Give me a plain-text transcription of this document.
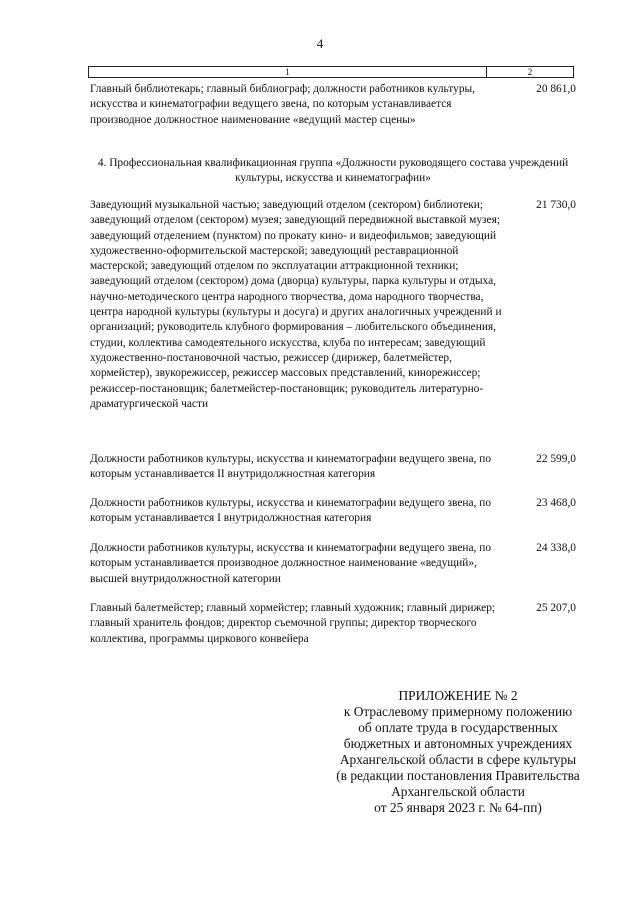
4
1	2
Главный библиотекарь; главный библиограф; должности работников культуры, искусства и кинематографии ведущего звена, по которым устанавливается производное должностное наименование «ведущий мастер сцены»
20 861,0
4. Профессиональная квалификационная группа «Должности руководящего состава учреждений культуры, искусства и кинематографии»
Заведующий музыкальной частью; заведующий отделом (сектором) библиотеки; заведующий отделом (сектором) музея; заведующий передвижной выставкой музея; заведующий отделением (пунктом) по прокату кино- и видеофильмов; заведующий художественно-оформительской мастерской; заведующий реставрационной мастерской; заведующий отделом по эксплуатации аттракционной техники; заведующий отделом (сектором) дома (дворца) культуры, парка культуры и отдыха, научно-методического центра народного творчества, дома народного творчества, центра народной культуры (культуры и досуга) и других аналогичных учреждений и организаций; руководитель клубного формирования – любительского объединения, студии, коллектива самодеятельного искусства, клуба по интересам; заведующий художественно-постановочной частью, режиссер (дирижер, балетмейстер, хормейстер), звукорежиссер, режиссер массовых представлений, кинорежиссер; режиссер-постановщик; балетмейстер-постановщик; руководитель литературно-драматургической части
21 730,0
Должности работников культуры, искусства и кинематографии ведущего звена, по которым устанавливается II внутридолжностная категория
22 599,0
Должности работников культуры, искусства и кинематографии ведущего звена, по которым устанавливается I внутридолжностная категория
23 468,0
Должности работников культуры, искусства и кинематографии ведущего звена, по которым устанавливается производное должностное наименование «ведущий», высшей внутридолжностной категории
24 338,0
Главный балетмейстер; главный хормейстер; главный художник; главный дирижер; главный хранитель фондов; директор съемочной группы; директор творческого коллектива, программы циркового конвейера
25 207,0
ПРИЛОЖЕНИЕ № 2
к Отраслевому примерному положению
об оплате труда в государственных
бюджетных и автономных учреждениях
Архангельской области в сфере культуры
(в редакции постановления Правительства
Архангельской области
от 25 января 2023 г. № 64-пп)
